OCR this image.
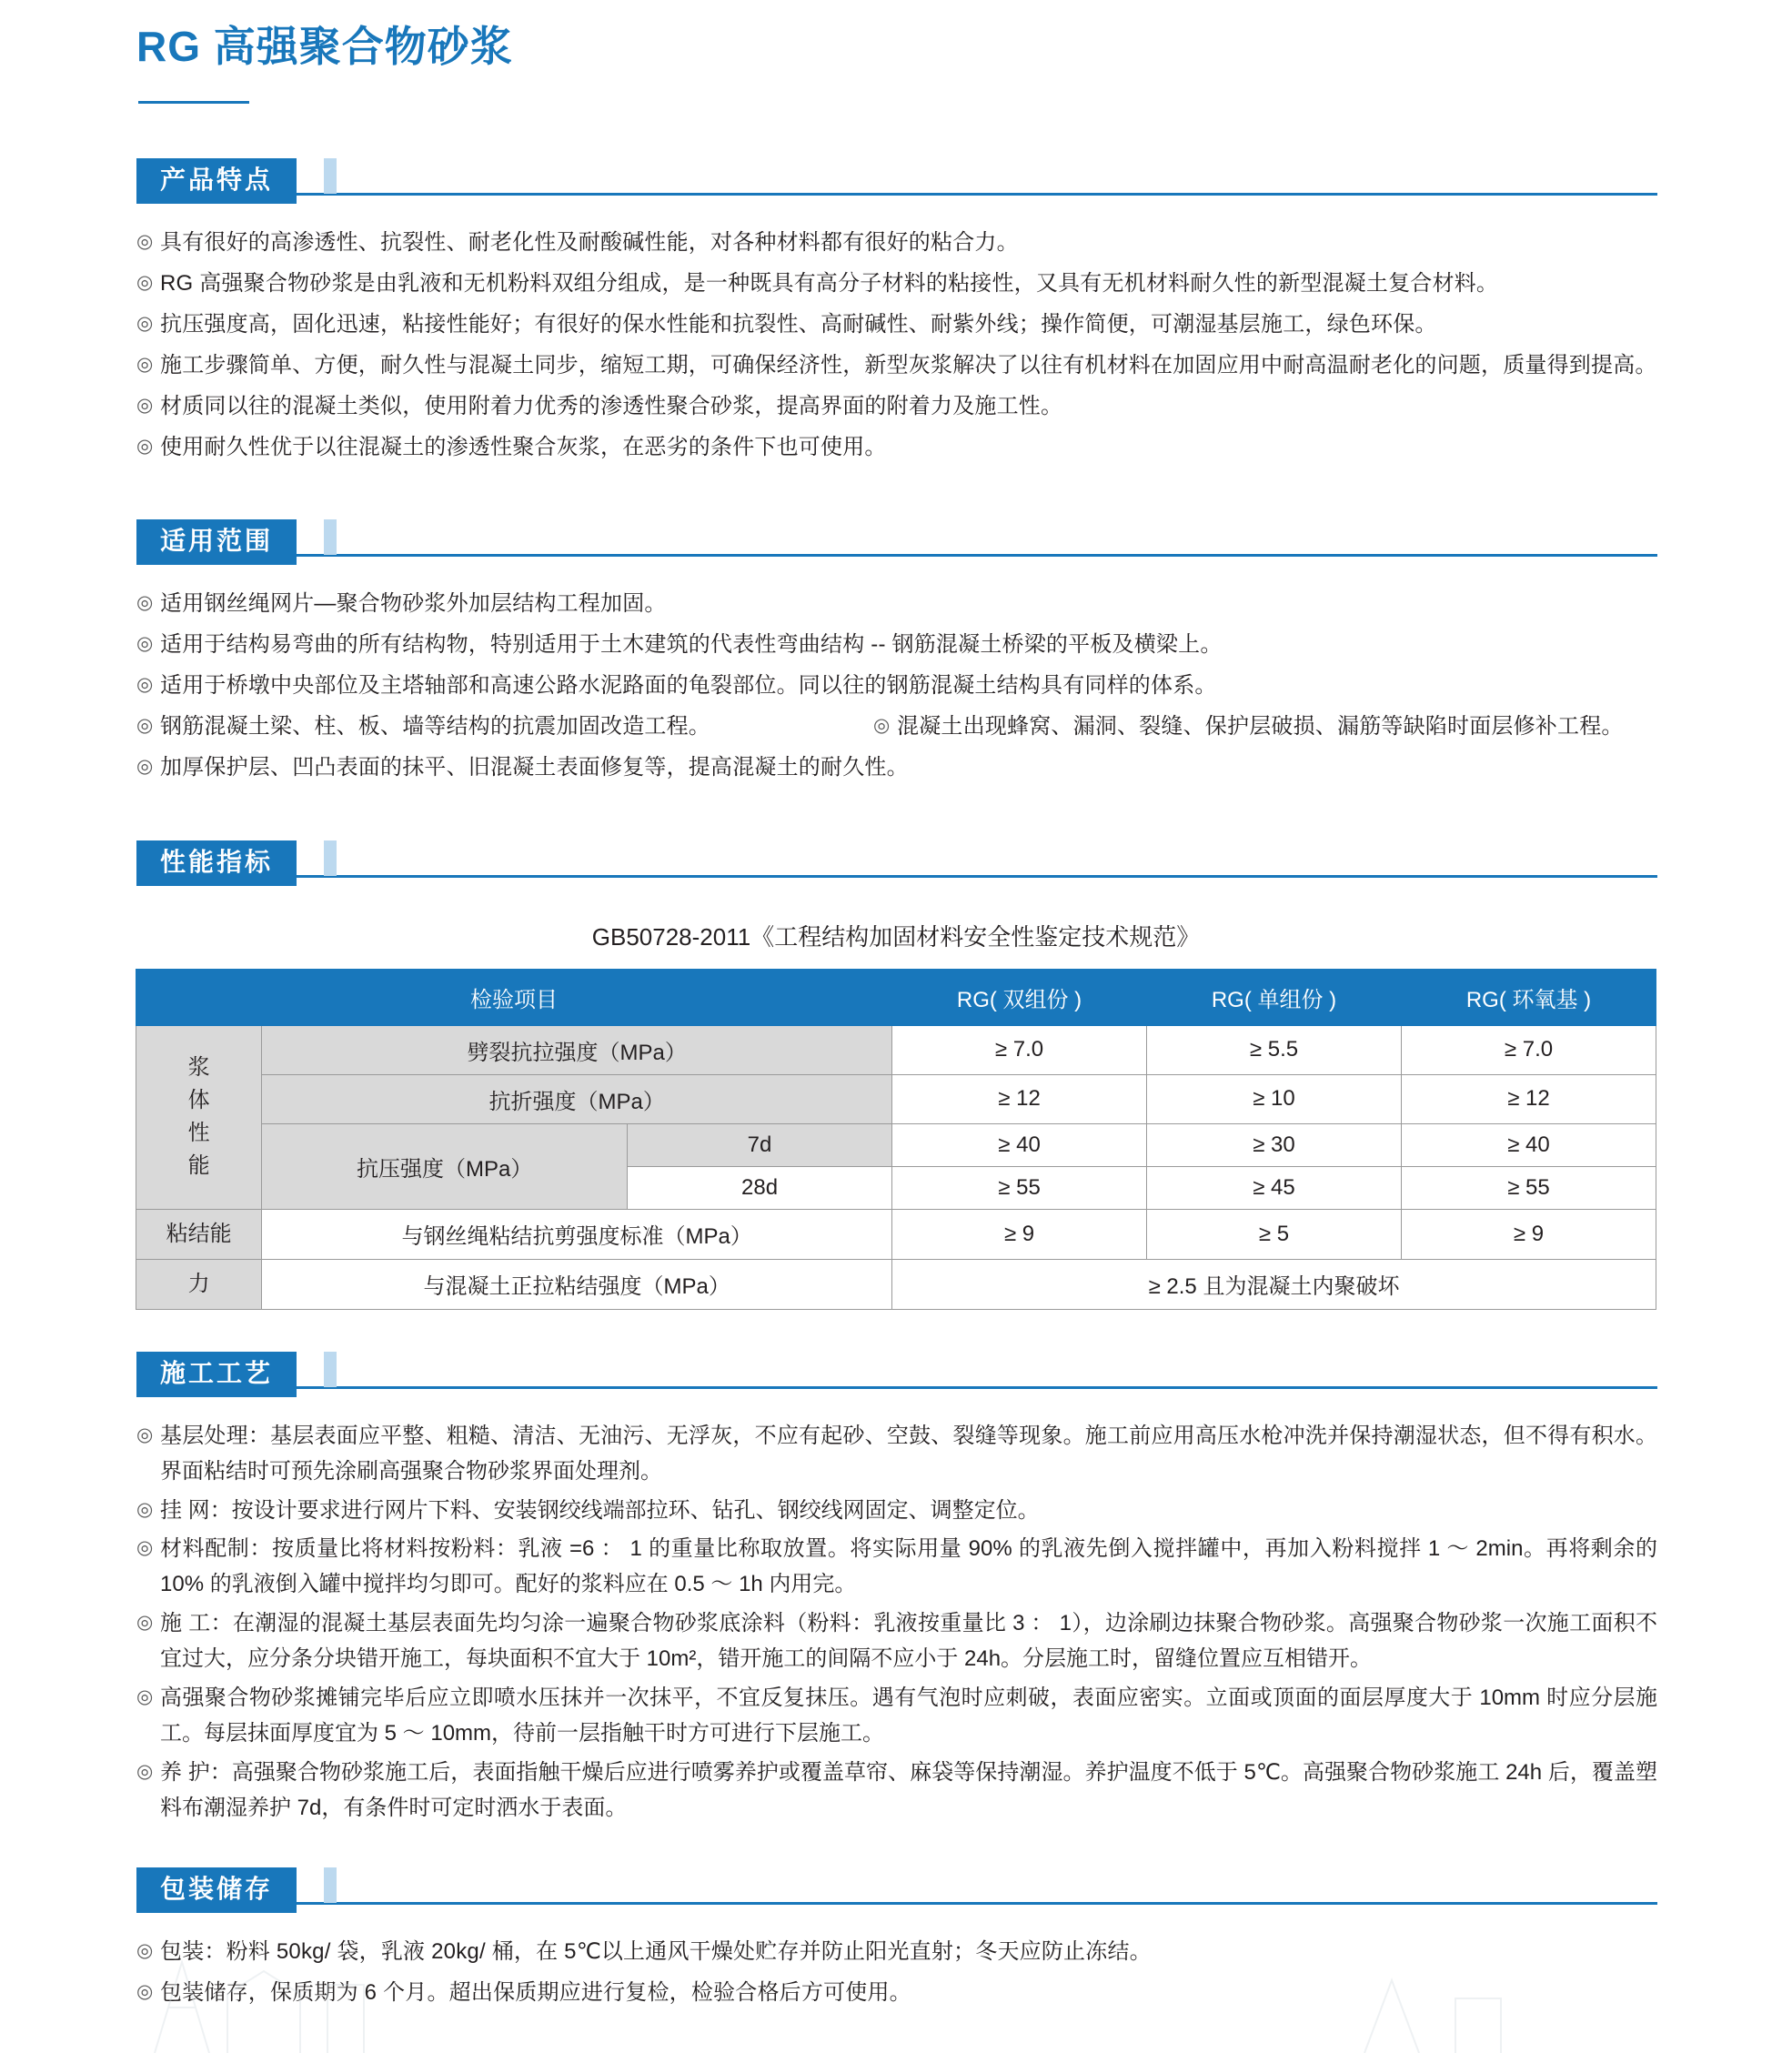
RG 高强聚合物砂浆
产品特点
◎ 具有很好的高渗透性、抗裂性、耐老化性及耐酸碱性能，对各种材料都有很好的粘合力。
◎ RG 高强聚合物砂浆是由乳液和无机粉料双组分组成，是一种既具有高分子材料的粘接性，又具有无机材料耐久性的新型混凝土复合材料。
◎ 抗压强度高，固化迅速，粘接性能好；有很好的保水性能和抗裂性、高耐碱性、耐紫外线；操作简便，可潮湿基层施工，绿色环保。
◎ 施工步骤简单、方便，耐久性与混凝土同步，缩短工期，可确保经济性，新型灰浆解决了以往有机材料在加固应用中耐高温耐老化的问题，质量得到提高。
◎ 材质同以往的混凝土类似，使用附着力优秀的渗透性聚合砂浆，提高界面的附着力及施工性。
◎ 使用耐久性优于以往混凝土的渗透性聚合灰浆，在恶劣的条件下也可使用。
适用范围
◎ 适用钢丝绳网片—聚合物砂浆外加层结构工程加固。
◎ 适用于结构易弯曲的所有结构物，特别适用于土木建筑的代表性弯曲结构 -- 钢筋混凝土桥梁的平板及横梁上。
◎ 适用于桥墩中央部位及主塔轴部和高速公路水泥路面的龟裂部位。同以往的钢筋混凝土结构具有同样的体系。
◎ 钢筋混凝土梁、柱、板、墙等结构的抗震加固改造工程。	◎ 混凝土出现蜂窝、漏洞、裂缝、保护层破损、漏筋等缺陷时面层修补工程。
◎ 加厚保护层、凹凸表面的抹平、旧混凝土表面修复等，提高混凝土的耐久性。
性能指标
GB50728-2011《工程结构加固材料安全性鉴定技术规范》
检验项目			RG( 双组份 )	RG( 单组份 )	RG( 环氧基 )

浆
体
性
能	劈裂抗拉强度（MPa）		≥ 7.0	≥ 5.5	≥ 7.0
	抗折强度（MPa）		≥ 12	≥ 10	≥ 12
	抗压强度（MPa）	7d	≥ 40	≥ 30	≥ 40
		28d	≥ 55	≥ 45	≥ 55
粘结能	与钢丝绳粘结抗剪强度标准（MPa）		≥ 9	≥ 5	≥ 9
力	与混凝土正拉粘结强度（MPa）		≥ 2.5 且为混凝土内聚破坏		
施工工艺
◎ 基层处理：基层表面应平整、粗糙、清洁、无油污、无浮灰，不应有起砂、空鼓、裂缝等现象。施工前应用高压水枪冲洗并保持潮湿状态，但不得有积水。界面粘结时可预先涂刷高强聚合物砂浆界面处理剂。
◎ 挂 网：按设计要求进行网片下料、安装钢绞线端部拉环、钻孔、钢绞线网固定、调整定位。
◎ 材料配制：按质量比将材料按粉料：乳液 =6 ： 1 的重量比称取放置。将实际用量 90% 的乳液先倒入搅拌罐中，再加入粉料搅拌 1 ～ 2min。再将剩余的 10% 的乳液倒入罐中搅拌均匀即可。配好的浆料应在 0.5 ～ 1h 内用完。
◎ 施 工：在潮湿的混凝土基层表面先均匀涂一遍聚合物砂浆底涂料（粉料：乳液按重量比 3 ： 1），边涂刷边抹聚合物砂浆。高强聚合物砂浆一次施工面积不宜过大，应分条分块错开施工，每块面积不宜大于 10m²，错开施工的间隔不应小于 24h。分层施工时，留缝位置应互相错开。
◎ 高强聚合物砂浆摊铺完毕后应立即喷水压抹并一次抹平，不宜反复抹压。遇有气泡时应刺破，表面应密实。立面或顶面的面层厚度大于 10mm 时应分层施工。每层抹面厚度宜为 5 ～ 10mm，待前一层指触干时方可进行下层施工。
◎ 养 护：高强聚合物砂浆施工后，表面指触干燥后应进行喷雾养护或覆盖草帘、麻袋等保持潮湿。养护温度不低于 5℃。高强聚合物砂浆施工 24h 后，覆盖塑料布潮湿养护 7d，有条件时可定时洒水于表面。
包装储存
◎ 包装：粉料 50kg/ 袋，乳液 20kg/ 桶，在 5℃以上通风干燥处贮存并防止阳光直射；冬天应防止冻结。
◎ 包装储存，保质期为 6 个月。超出保质期应进行复检，检验合格后方可使用。
